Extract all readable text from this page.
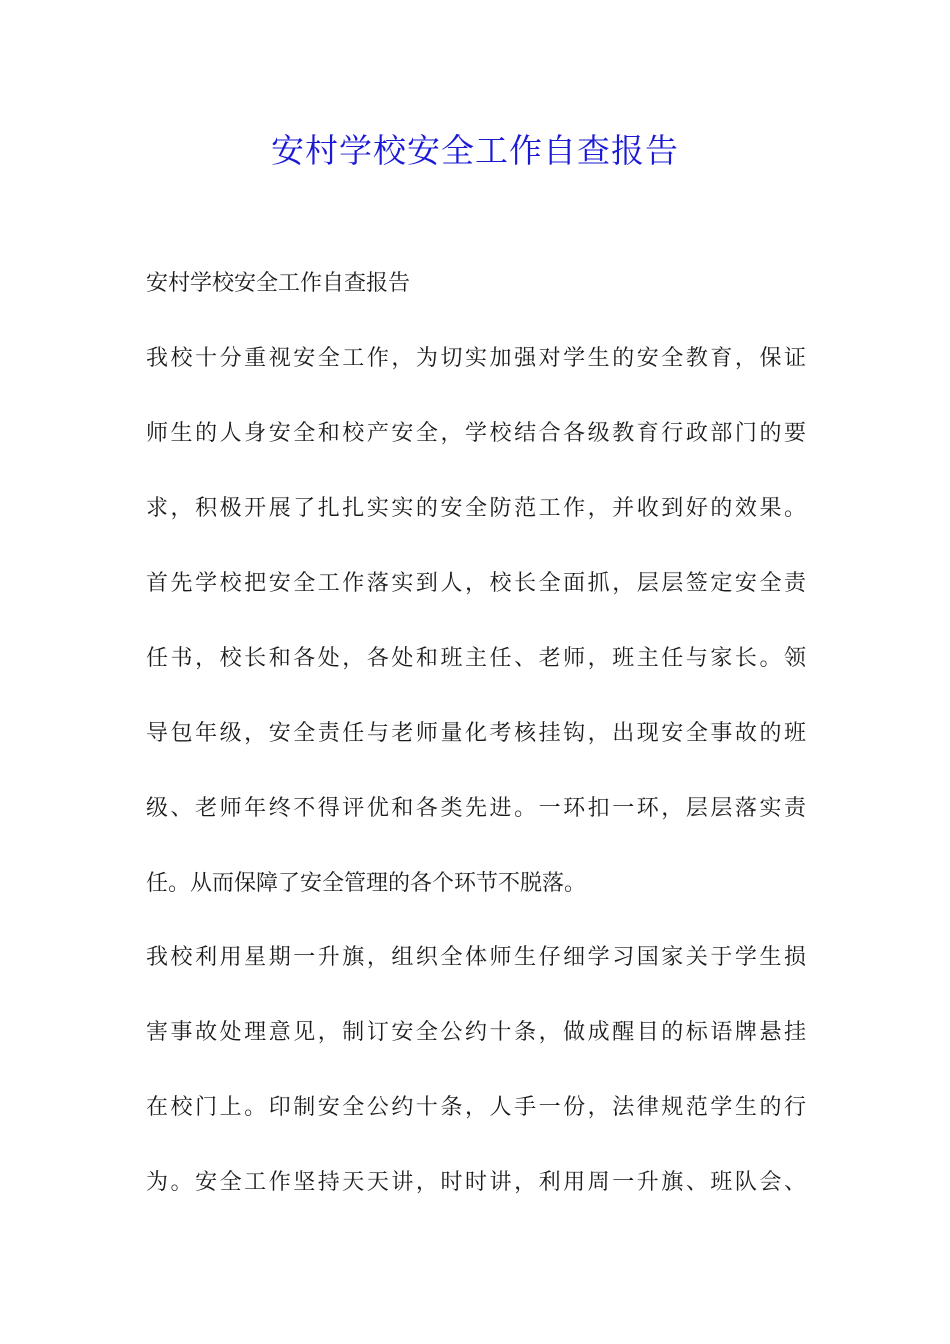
安村学校安全工作自查报告
安村学校安全工作自查报告
我校十分重视安全工作，为切实加强对学生的安全教育，保证
师生的人身安全和校产安全，学校结合各级教育行政部门的要
求，积极开展了扎扎实实的安全防范工作，并收到好的效果。
首先学校把安全工作落实到人，校长全面抓，层层签定安全责
任书，校长和各处，各处和班主任、老师，班主任与家长。领
导包年级，安全责任与老师量化考核挂钩，出现安全事故的班
级、老师年终不得评优和各类先进。一环扣一环，层层落实责
任。从而保障了安全管理的各个环节不脱落。
我校利用星期一升旗，组织全体师生仔细学习国家关于学生损
害事故处理意见，制订安全公约十条，做成醒目的标语牌悬挂
在校门上。印制安全公约十条，人手一份，法律规范学生的行
为。安全工作坚持天天讲，时时讲，利用周一升旗、班队会、
